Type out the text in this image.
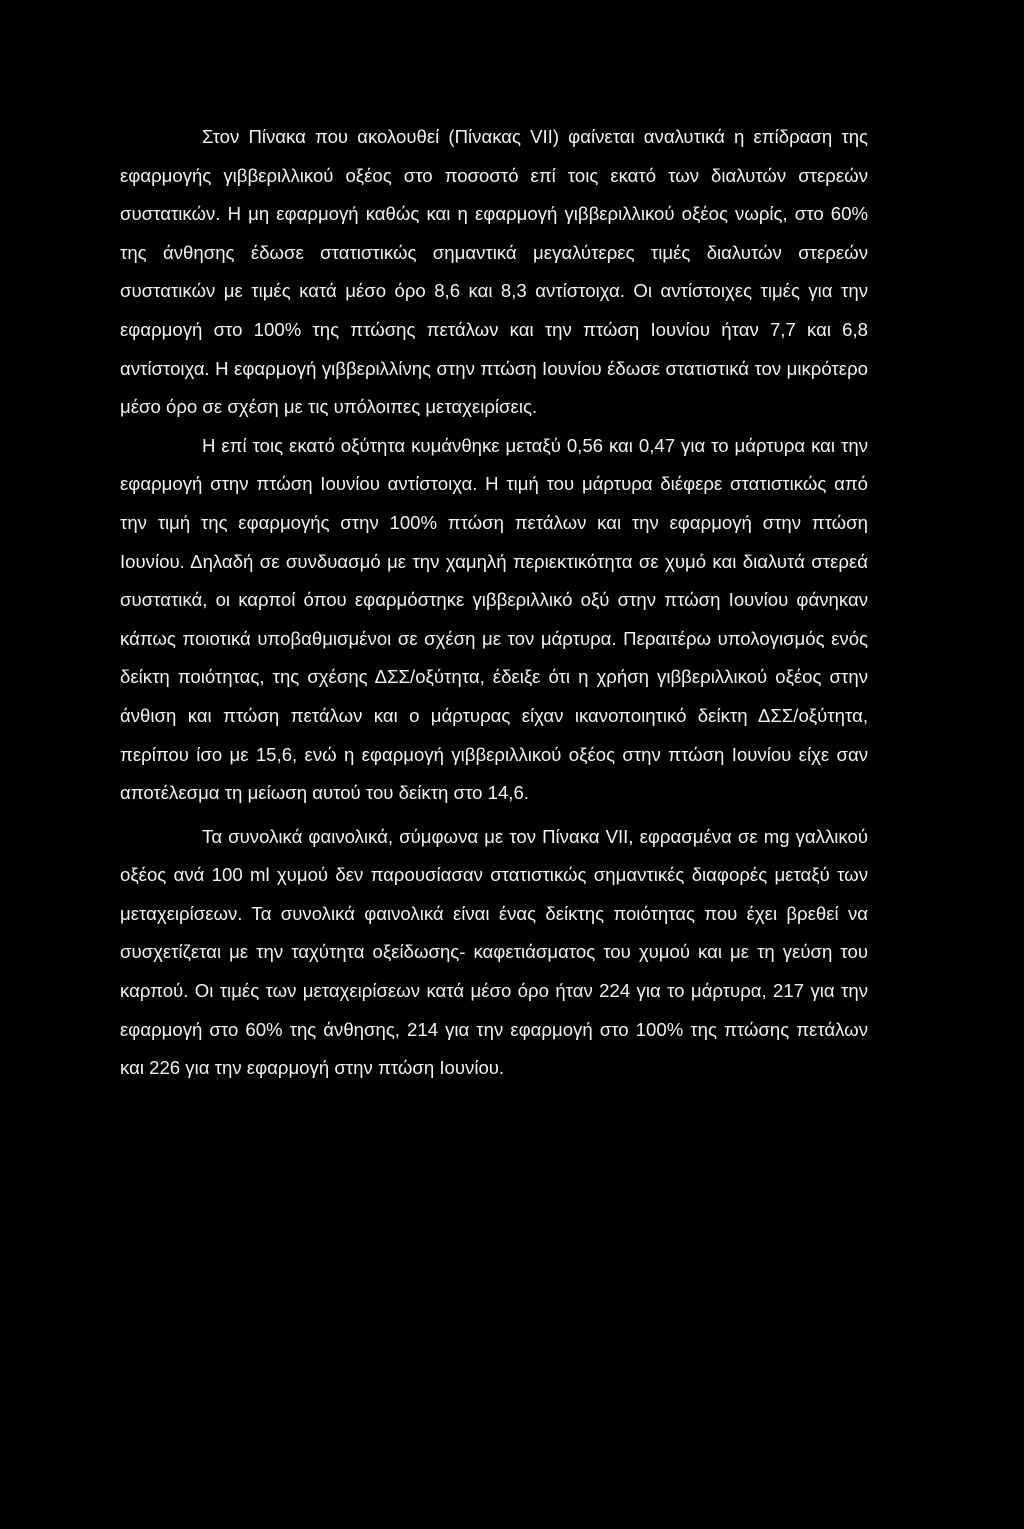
Στον Πίνακα που ακολουθεί (Πίνακας VII) φαίνεται αναλυτικά η επίδραση της εφαρμογής γιββεριλλικού οξέος στο ποσοστό επί τοις εκατό των διαλυτών στερεών συστατικών. Η μη εφαρμογή καθώς και η εφαρμογή γιββεριλλικού οξέος νωρίς, στο 60% της άνθησης έδωσε στατιστικώς σημαντικά μεγαλύτερες τιμές διαλυτών στερεών συστατικών με τιμές κατά μέσο όρο 8,6 και 8,3 αντίστοιχα. Οι αντίστοιχες τιμές για την εφαρμογή στο 100% της πτώσης πετάλων και την πτώση Ιουνίου ήταν 7,7 και 6,8 αντίστοιχα. Η εφαρμογή γιββεριλλίνης στην πτώση Ιουνίου έδωσε στατιστικά τον μικρότερο μέσο όρο σε σχέση με τις υπόλοιπες μεταχειρίσεις.

Η επί τοις εκατό οξύτητα κυμάνθηκε μεταξύ 0,56 και 0,47 για το μάρτυρα και την εφαρμογή στην πτώση Ιουνίου αντίστοιχα. Η τιμή του μάρτυρα διέφερε στατιστικώς από την τιμή της εφαρμογής στην 100% πτώση πετάλων και την εφαρμογή στην πτώση Ιουνίου. Δηλαδή σε συνδυασμό με την χαμηλή περιεκτικότητα σε χυμό και διαλυτά στερεά συστατικά, οι καρποί όπου εφαρμόστηκε γιββεριλλικό οξύ στην πτώση Ιουνίου φάνηκαν κάπως ποιοτικά υποβαθμισμένοι σε σχέση με τον μάρτυρα. Περαιτέρω υπολογισμός ενός δείκτη ποιότητας, της σχέσης ΔΣΣ/οξύτητα, έδειξε ότι η χρήση γιββεριλλικού οξέος στην άνθιση και πτώση πετάλων και ο μάρτυρας είχαν ικανοποιητικό δείκτη ΔΣΣ/οξύτητα, περίπου ίσο με 15,6, ενώ η εφαρμογή γιββεριλλικού οξέος στην πτώση Ιουνίου είχε σαν αποτέλεσμα τη μείωση αυτού του δείκτη στο 14,6.

Τα συνολικά φαινολικά, σύμφωνα με τον Πίνακα VII, εφρασμένα σε mg γαλλικού οξέος ανά 100 ml χυμού δεν παρουσίασαν στατιστικώς σημαντικές διαφορές μεταξύ των μεταχειρίσεων. Τα συνολικά φαινολικά είναι ένας δείκτης ποιότητας που έχει βρεθεί να συσχετίζεται με την ταχύτητα οξείδωσης- καφετιάσματος του χυμού και με τη γεύση του καρπού. Οι τιμές των μεταχειρίσεων κατά μέσο όρο ήταν 224 για το μάρτυρα, 217 για την εφαρμογή στο 60% της άνθησης, 214 για την εφαρμογή στο 100% της πτώσης πετάλων και 226 για την εφαρμογή στην πτώση Ιουνίου.
